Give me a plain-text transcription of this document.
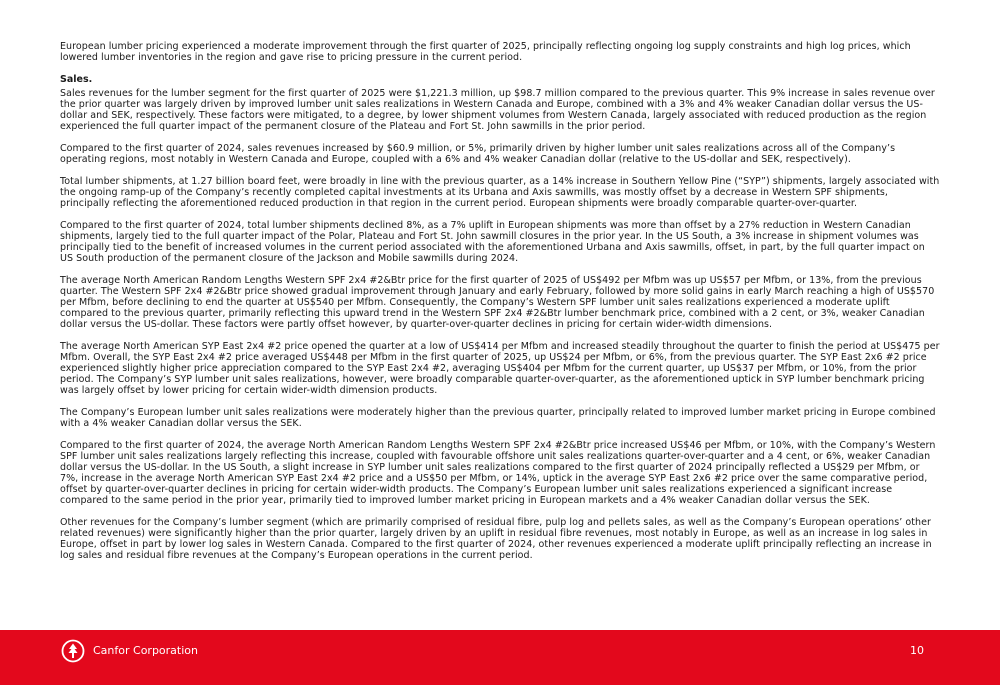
European lumber pricing experienced a moderate improvement through the first quarter of 2025, principally reflecting ongoing log supply constraints and high log prices, which lowered lumber inventories in the region and gave rise to pricing pressure in the current period.

Sales.

Sales revenues for the lumber segment for the first quarter of 2025 were $1,221.3 million, up $98.7 million compared to the previous quarter. This 9% increase in sales revenue over the prior quarter was largely driven by improved lumber unit sales realizations in Western Canada and Europe, combined with a 3% and 4% weaker Canadian dollar versus the US-dollar and SEK, respectively. These factors were mitigated, to a degree, by lower shipment volumes from Western Canada, largely associated with reduced production as the region experienced the full quarter impact of the permanent closure of the Plateau and Fort St. John sawmills in the prior period.

Compared to the first quarter of 2024, sales revenues increased by $60.9 million, or 5%, primarily driven by higher lumber unit sales realizations across all of the Company’s operating regions, most notably in Western Canada and Europe, coupled with a 6% and 4% weaker Canadian dollar (relative to the US-dollar and SEK, respectively).

Total lumber shipments, at 1.27 billion board feet, were broadly in line with the previous quarter, as a 14% increase in Southern Yellow Pine (“SYP”) shipments, largely associated with the ongoing ramp-up of the Company’s recently completed capital investments at its Urbana and Axis sawmills, was mostly offset by a decrease in Western SPF shipments, principally reflecting the aforementioned reduced production in that region in the current period. European shipments were broadly comparable quarter-over-quarter.

Compared to the first quarter of 2024, total lumber shipments declined 8%, as a 7% uplift in European shipments was more than offset by a 27% reduction in Western Canadian shipments, largely tied to the full quarter impact of the Polar, Plateau and Fort St. John sawmill closures in the prior year. In the US South, a 3% increase in shipment volumes was principally tied to the benefit of increased volumes in the current period associated with the aforementioned Urbana and Axis sawmills, offset, in part, by the full quarter impact on US South production of the permanent closure of the Jackson and Mobile sawmills during 2024.

The average North American Random Lengths Western SPF 2x4 #2&Btr price for the first quarter of 2025 of US$492 per Mfbm was up US$57 per Mfbm, or 13%, from the previous quarter. The Western SPF 2x4 #2&Btr price showed gradual improvement through January and early February, followed by more solid gains in early March reaching a high of US$570 per Mfbm, before declining to end the quarter at US$540 per Mfbm. Consequently, the Company’s Western SPF lumber unit sales realizations experienced a moderate uplift compared to the previous quarter, primarily reflecting this upward trend in the Western SPF 2x4 #2&Btr lumber benchmark price, combined with a 2 cent, or 3%, weaker Canadian dollar versus the US-dollar. These factors were partly offset however, by quarter-over-quarter declines in pricing for certain wider-width dimensions.

The average North American SYP East 2x4 #2 price opened the quarter at a low of US$414 per Mfbm and increased steadily throughout the quarter to finish the period at US$475 per Mfbm. Overall, the SYP East 2x4 #2 price averaged US$448 per Mfbm in the first quarter of 2025, up US$24 per Mfbm, or 6%, from the previous quarter. The SYP East 2x6 #2 price experienced slightly higher price appreciation compared to the SYP East 2x4 #2, averaging US$404 per Mfbm for the current quarter, up US$37 per Mfbm, or 10%, from the prior period. The Company’s SYP lumber unit sales realizations, however, were broadly comparable quarter-over-quarter, as the aforementioned uptick in SYP lumber benchmark pricing was largely offset by lower pricing for certain wider-width dimension products.

The Company’s European lumber unit sales realizations were moderately higher than the previous quarter, principally related to improved lumber market pricing in Europe combined with a 4% weaker Canadian dollar versus the SEK.

Compared to the first quarter of 2024, the average North American Random Lengths Western SPF 2x4 #2&Btr price increased US$46 per Mfbm, or 10%, with the Company’s Western SPF lumber unit sales realizations largely reflecting this increase, coupled with favourable offshore unit sales realizations quarter-over-quarter and a 4 cent, or 6%, weaker Canadian dollar versus the US-dollar. In the US South, a slight increase in SYP lumber unit sales realizations compared to the first quarter of 2024 principally reflected a US$29 per Mfbm, or 7%, increase in the average North American SYP East 2x4 #2 price and a US$50 per Mfbm, or 14%, uptick in the average SYP East 2x6 #2 price over the same comparative period, offset by quarter-over-quarter declines in pricing for certain wider-width products. The Company’s European lumber unit sales realizations experienced a significant increase compared to the same period in the prior year, primarily tied to improved lumber market pricing in European markets and a 4% weaker Canadian dollar versus the SEK.

Other revenues for the Company’s lumber segment (which are primarily comprised of residual fibre, pulp log and pellets sales, as well as the Company’s European operations’ other related revenues) were significantly higher than the prior quarter, largely driven by an uplift in residual fibre revenues, most notably in Europe, as well as an increase in log sales in Europe, offset in part by lower log sales in Western Canada. Compared to the first quarter of 2024, other revenues experienced a moderate uplift principally reflecting an increase in log sales and residual fibre revenues at the Company’s European operations in the current period.

Canfor Corporation	10
